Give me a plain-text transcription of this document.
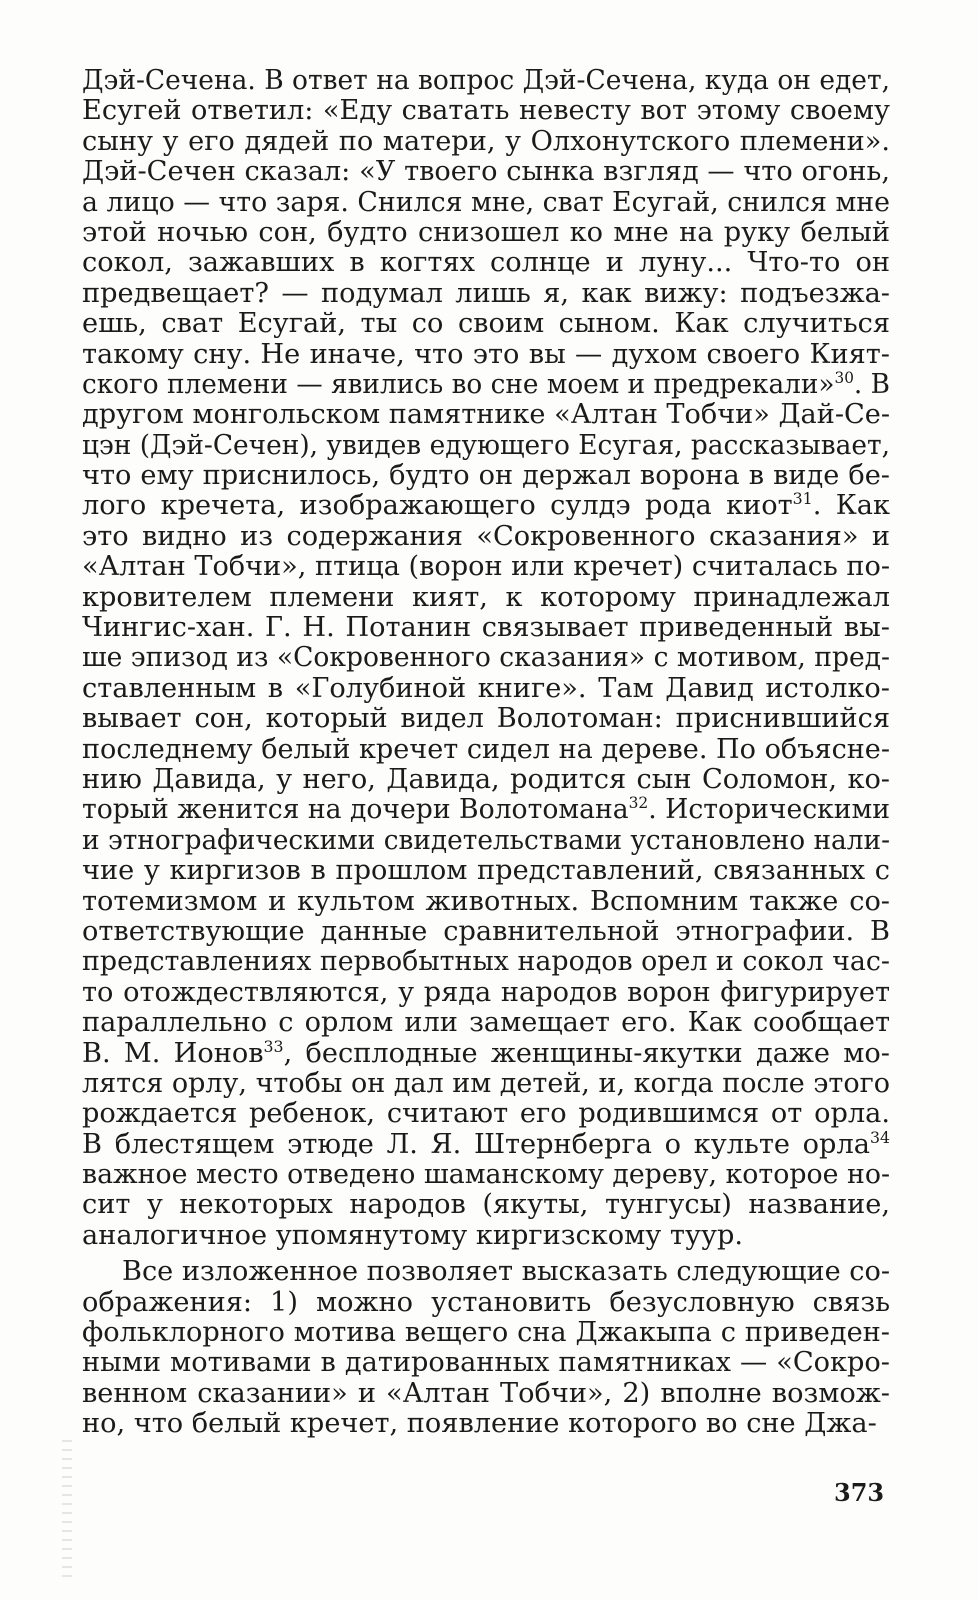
Дэй-Сечена. В ответ на вопрос Дэй-Сечена, куда он едет,
Есугей ответил: «Еду сватать невесту вот этому своему
сыну у его дядей по матери, у Олхонутского племени».
Дэй-Сечен сказал: «У твоего сынка взгляд — что огонь,
а лицо — что заря. Снился мне, сват Есугай, снился мне
этой ночью сон, будто снизошел ко мне на руку белый
сокол, зажавших в когтях солнце и луну... Что-то он
предвещает? — подумал лишь я, как вижу: подъезжа-
ешь, сват Есугай, ты со своим сыном. Как случиться
такому сну. Не иначе, что это вы — духом своего Кият-
ского племени — явились во сне моем и предрекали»$^{30}$. В
другом монгольском памятнике «Алтан Тобчи» Дай-Се-
цэн (Дэй-Сечен), увидев едующего Есугая, рассказывает,
что ему приснилось, будто он держал ворона в виде бе-
лого кречета, изображающего сулдэ рода киот$^{31}$. Как
это видно из содержания «Сокровенного сказания» и
«Алтан Тобчи», птица (ворон или кречет) считалась по-
кровителем племени кият, к которому принадлежал
Чингис-хан. Г. Н. Потанин связывает приведенный вы-
ше эпизод из «Сокровенного сказания» с мотивом, пред-
ставленным в «Голубиной книге». Там Давид истолко-
вывает сон, который видел Волотоман: приснившийся
последнему белый кречет сидел на дереве. По объясне-
нию Давида, у него, Давида, родится сын Соломон, ко-
торый женится на дочери Волотомана$^{32}$. Историческими
и этнографическими свидетельствами установлено нали-
чие у киргизов в прошлом представлений, связанных с
тотемизмом и культом животных. Вспомним также со-
ответствующие данные сравнительной этнографии. В
представлениях первобытных народов орел и сокол час-
то отождествляются, у ряда народов ворон фигурирует
параллельно с орлом или замещает его. Как сообщает
В. М. Ионов$^{33}$, бесплодные женщины-якутки даже мо-
лятся орлу, чтобы он дал им детей, и, когда после этого
рождается ребенок, считают его родившимся от орла.
В блестящем этюде Л. Я. Штернберга о культе орла$^{34}$
важное место отведено шаманскому дереву, которое но-
сит у некоторых народов (якуты, тунгусы) название,
аналогичное упомянутому киргизскому туур.
Все изложенное позволяет высказать следующие со-
ображения: 1) можно установить безусловную связь
фольклорного мотива вещего сна Джакыпа с приведен-
ными мотивами в датированных памятниках — «Сокро-
венном сказании» и «Алтан Тобчи», 2) вполне возмож-
но, что белый кречет, появление которого во сне Джа-
373
